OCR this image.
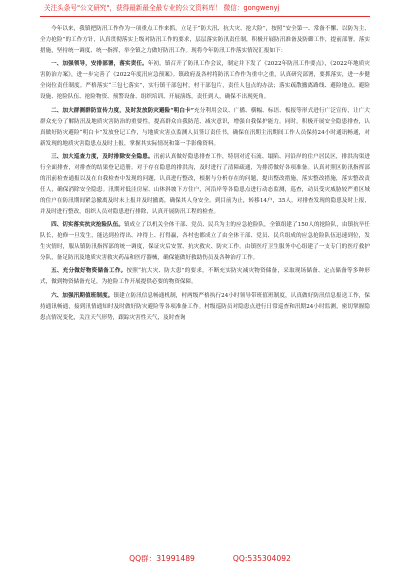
关注头条号"公文研究"，获得最新最全最专业的公文资料库！ 微信：gongwenyj

今年以来，我镇把防汛工作作为一项重点工作来抓，立足于“防大汛、抗大灾、抢大险”，按照“安全第一、常备不懈、以防为主、全力抢险”的工作方针，认真贯彻落实上级对防汛工作的要求，层层落实防汛责任制，积极开展防汛准备及防御工作，提前部署，落实措施，坚持统一调度、统一指挥，举全镇之力做好防汛工作。现将今年防汛工作落实情况汇报如下：

一、加强领导，安排部署，落实责任。年初，镇召开了防汛工作会议，制定并下发了《2022年防汛工作要点》，《2022年地质灾害防治方案》，进一步完善了《2022年度汛应急预案》。镇政府及各村将防汛工作作为重中之重，认真研究部署，要抓落实，进一步健全岗位责任制度。严格落实“三包七落实”，实行镇干部包村，村干部包片，责任人包点的办法；落实疏散撤离路线、避险地点、避险设施、抢险队伍、抢险物资、预警设备、组织培训、开展演练，责任到人，确保不出现死角。

二、加大群测群防宣传力度，及时发放防灾避险“明白卡”充分利用会议、广播、横幅、标语、板报等形式进行广泛宣传，让广大群众充分了解防汛及地质灾害防治的重要性，提高群众自我防范、减灾意识，增强自我保护能力。同时，积极开展安全隐患排查，认真做好防灾避险“明白卡”发放登记工作，与地质灾害点监测人员签订责任书，确保在汛期主汛期间工作人员保持24小时通讯畅通，对新发现的地质灾害隐患点及时上报，掌握其实际情况和第一手影像资料。

三、加大巡查力度，及时排除安全隐患。汛前认真做好隐患排查工作，特别对近石流、塌陷、河沿岸的住户居民区，排洪沟渠进行全面排查，对排查的结果登记造册。对于存在隐患的排洪沟，及时进行了清障疏通，为排涝做好各项准备。认真对照区防汛指挥部的汛前检查通报以及在自我检查中发现的问题，认真进行整改，根据与分析存在的问题，提出整改措施，落实整改措施，落实整改责任人，确保消除安全隐患。汛期对低洼房屋、山体斜坡下方住户，河沿岸等各隐患点进行动态监测，巡查，动员受灾威胁较严重区域的住户在防汛期间紧急撤离及时未上报并及时撤离，确保其人身安全。到目前为止，转移14户，35人。对排查发现的隐患及时上报，并及时进行整改，组织人员对隐患进行排除，认真开展防汛工程的检查。

四、切实落实抗灾抢险队伍。镇成立了以机关全体干部、党员、民兵为主的应急抢险队，全镇组建了150人的抢险队，由镇抗旱任队长，抢修一旦发生，能达到拉得出、冲得上、打得赢，各村也都成立了由全体干部、党员、民兵组成的应急抢险队伍迅速到位，发生灾情时，服从镇防汛指挥部的统一调度，保证灾后安置、抗灾救灾、防灾工作。由镇医疗卫生服务中心组建了一支专门的医疗救护分队，备足防汛及地质灾害救灾药品和医疗器械，确保能做好救助伤员及各种治疗工作。

五、充分做好物资储备工作。按照“抗大灾、防大患”的要求，不断充实防灾减灾物资储备，采取现场储备、定点储备等多种形式，做到物资储备充足，为抢险工作开展提供必要的物资保障。

六、加强汛期值班制度。镇建立防汛信息畅通机制，村两级严格执行24小时领导带班值班制度，认真做好防汛信息报送工作，保持通讯畅通，接到汛情通知时及时做好防灾避险等各项准备工作。村级巡防员对隐患点进行日常巡查和汛期24小时监测，密切掌握隐患点情况变化，关注天气形势，跟踪灾害性天气，及时查询

QQ群：31991489	QQ:535304092
